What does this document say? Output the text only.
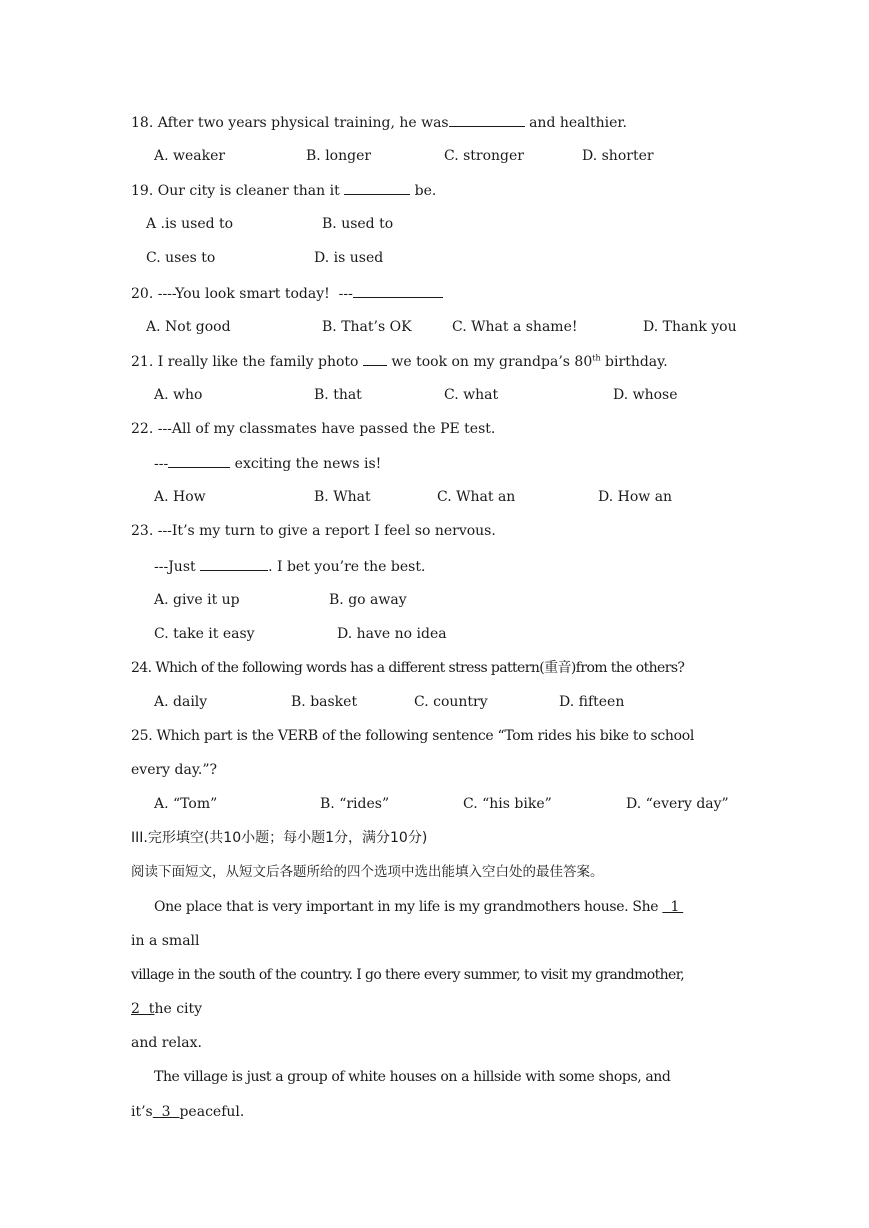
18. After two years physical training, he was	and healthier.
A. weaker	B. longer	C. stronger	D. shorter
19. Our city is cleaner than it	be.
A .is used to	B. used to
C. uses to	D. is used
20. ----You look smart today!  ---
A. Not good	B. That’s OK	C. What a shame!	D. Thank you
21. I really like the family photo  we took on my grandpa’s 80th birthday.
A. who	B. that	C. what	D. whose
22. ---All of my classmates have passed the PE test.
---	exciting the news is!
A. How	B. What	C. What an	D. How an
23. ---It’s my turn to give a report I feel so nervous.
---Just	. I bet you’re the best.
A. give it up	B. go away
C. take it easy	D. have no idea
24. Which of the following words has a different stress pattern(重音)from the others?
A. daily	B. basket	C. country	D. fifteen
25. Which part is the VERB of the following sentence “Tom rides his bike to school
every day.”?
A. “Tom”	B. “rides”	C. “his bike”	D. “every day”
III.完形填空(共10小题；每小题1分，满分10分)
阅读下面短文，从短文后各题所给的四个选项中选出能填入空白处的最佳答案。
One place that is very important in my life is my grandmothers house. She   1
in a small
village in the south of the country. I go there every summer, to visit my grandmother,
2  the city
and relax.
The village is just a group of white houses on a hillside with some shops, and
it’s  3  peaceful.
